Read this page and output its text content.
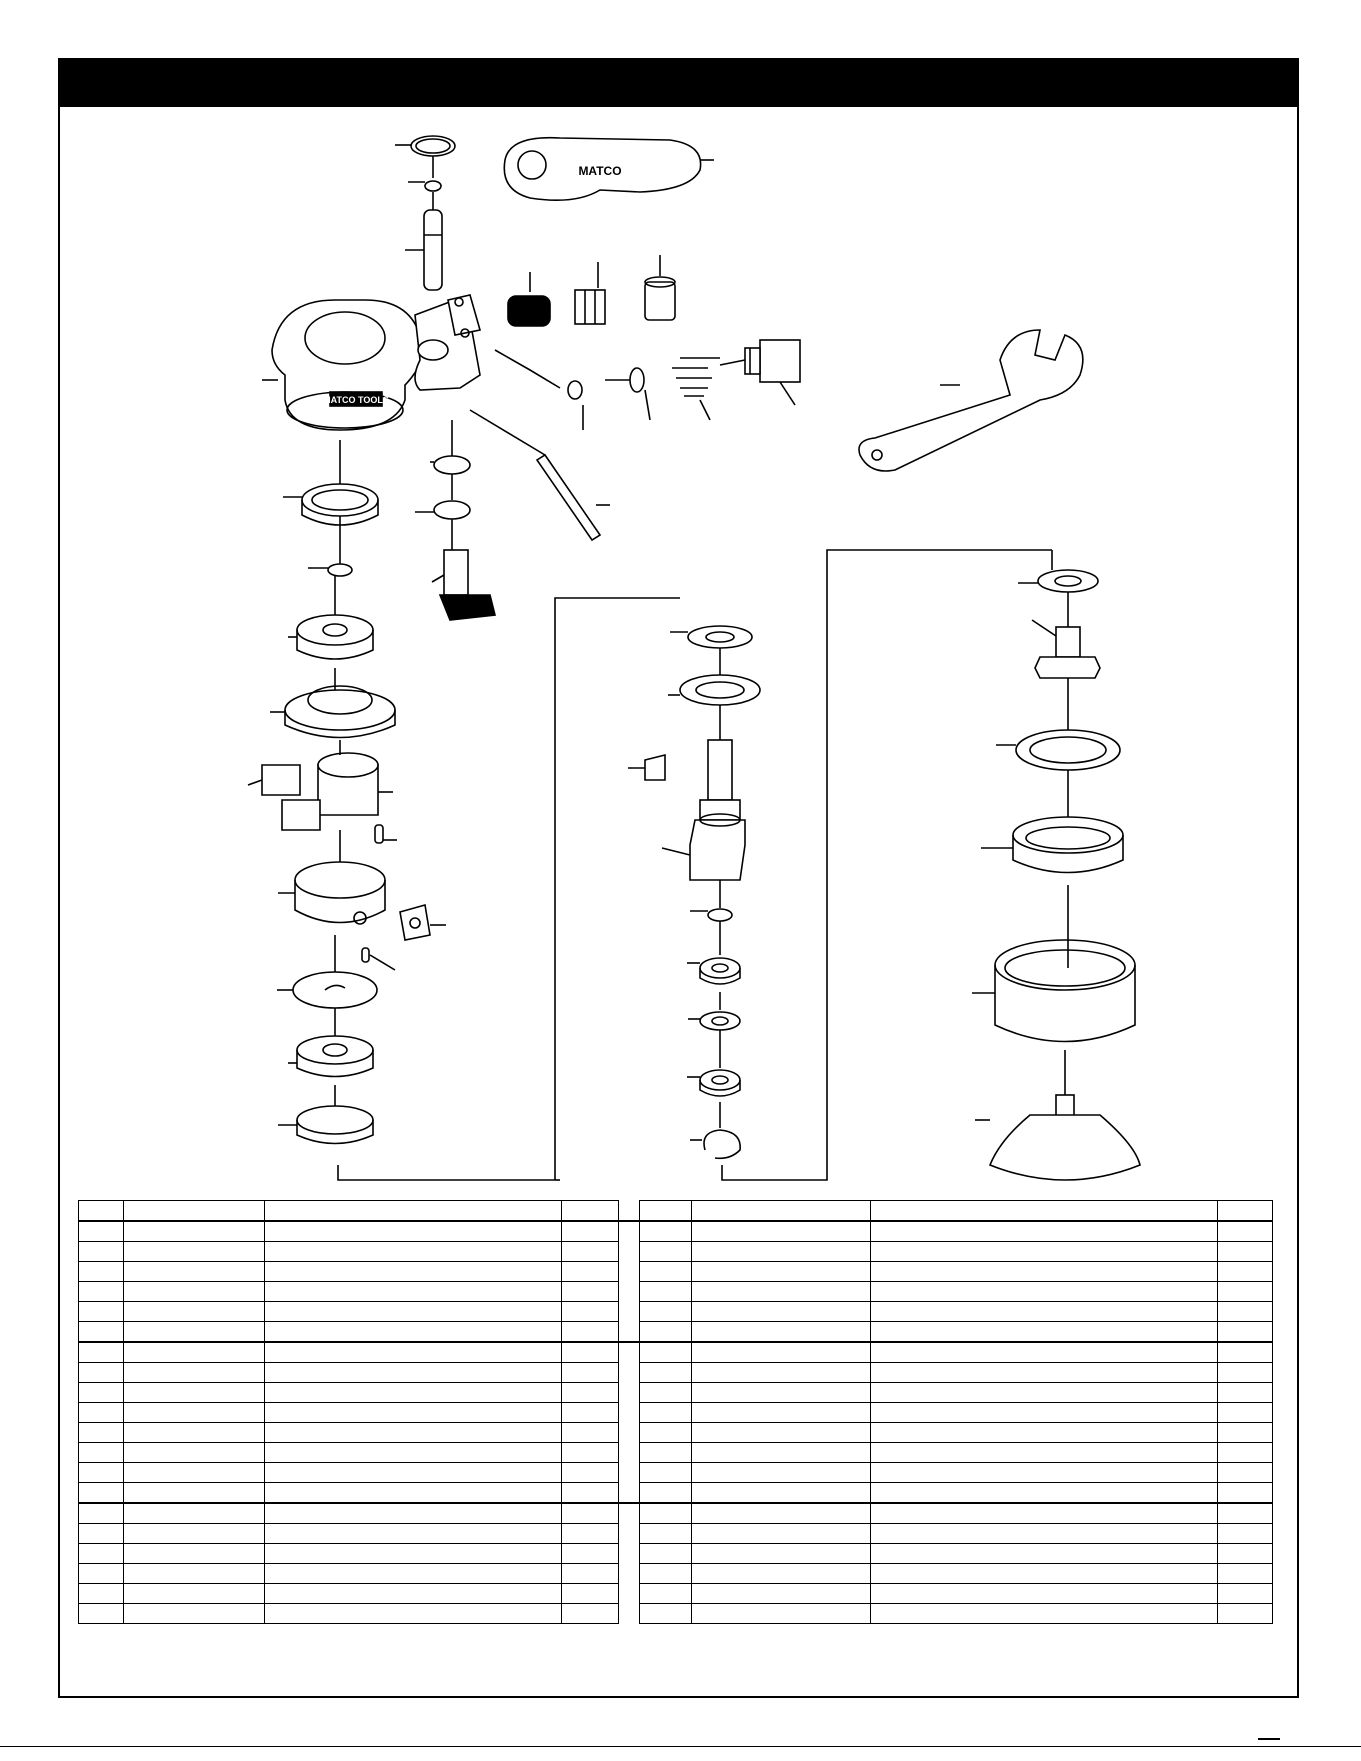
MATCO TOOLS
MATCO
